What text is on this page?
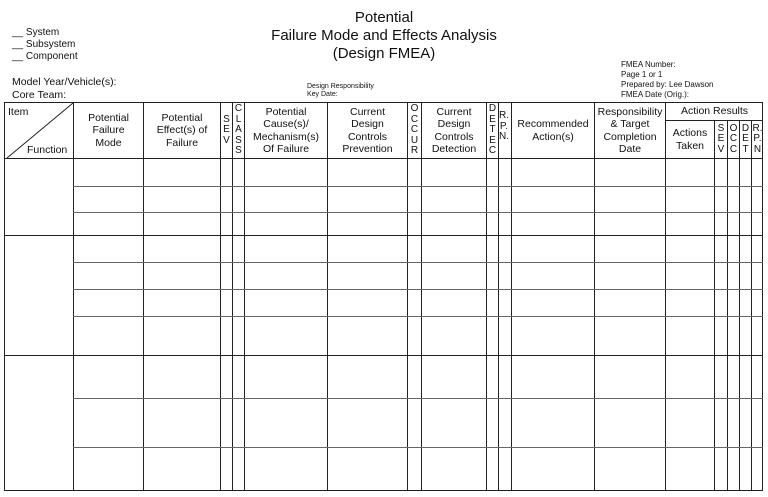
Potential
Failure Mode and Effects Analysis
(Design FMEA)
__ System
__ Subsystem
__ Component
Model Year/Vehicle(s):
Core Team:
Design Responsibility
Key Date:
FMEA Number:
Page 1 or 1
Prepared by: Lee Dawson
FMEA Date (Orig.):
Item
Function
Potential
Failure
Mode
Potential
Effect(s) of
Failure
S
E
V
C
L
A
S
S
Potential
Cause(s)/
Mechanism(s)
Of Failure
Current
Design
Controls
Prevention
O
C
C
U
R
Current
Design
Controls
Detection
D
E
T
E
C
R.
P.
N.
Recommended
Action(s)
Responsibility
& Target
Completion
Date
Action Results
Actions
Taken
S
E
V
O
C
C
D
E
T
R.
P.
N
